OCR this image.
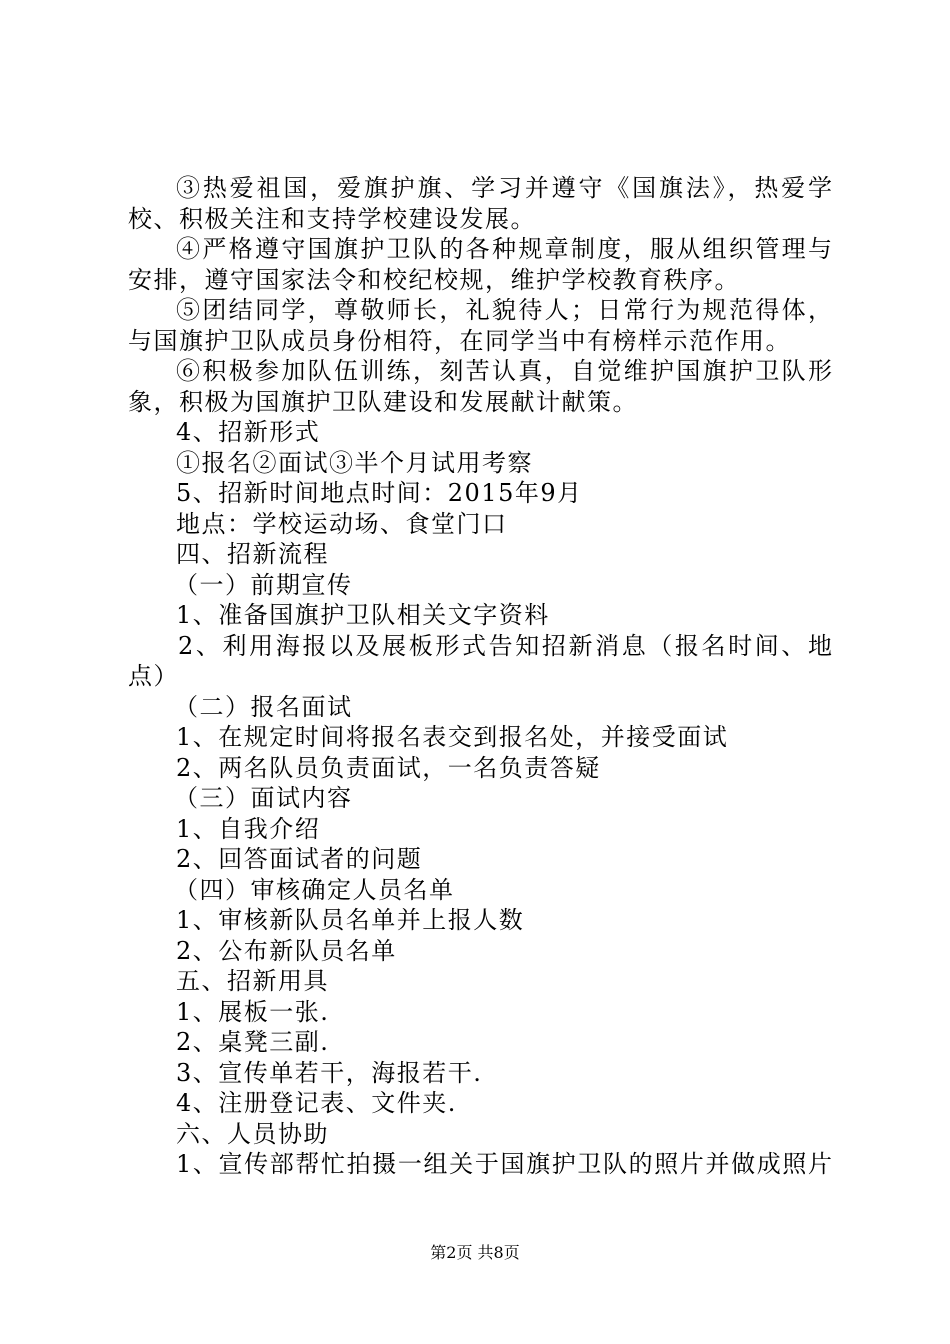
③热爱祖国，爱旗护旗、学习并遵守《国旗法》，热爱学
校、积极关注和支持学校建设发展。
④严格遵守国旗护卫队的各种规章制度，服从组织管理与
安排，遵守国家法令和校纪校规，维护学校教育秩序。
⑤团结同学，尊敬师长，礼貌待人；日常行为规范得体，
与国旗护卫队成员身份相符，在同学当中有榜样示范作用。
⑥积极参加队伍训练，刻苦认真，自觉维护国旗护卫队形
象，积极为国旗护卫队建设和发展献计献策。
4、招新形式
①报名②面试③半个月试用考察
5、招新时间地点时间：2015年9月
地点：学校运动场、食堂门口
四、招新流程
（一）前期宣传
1、准备国旗护卫队相关文字资料
2、利用海报以及展板形式告知招新消息（报名时间、地
点）
（二）报名面试
1、在规定时间将报名表交到报名处，并接受面试
2、两名队员负责面试，一名负责答疑
（三）面试内容
1、自我介绍
2、回答面试者的问题
（四）审核确定人员名单
1、审核新队员名单并上报人数
2、公布新队员名单
五、招新用具
1、展板一张.
2、桌凳三副.
3、宣传单若干，海报若干.
4、注册登记表、文件夹.
六、人员协助
1、宣传部帮忙拍摄一组关于国旗护卫队的照片并做成照片
第2页 共8页
